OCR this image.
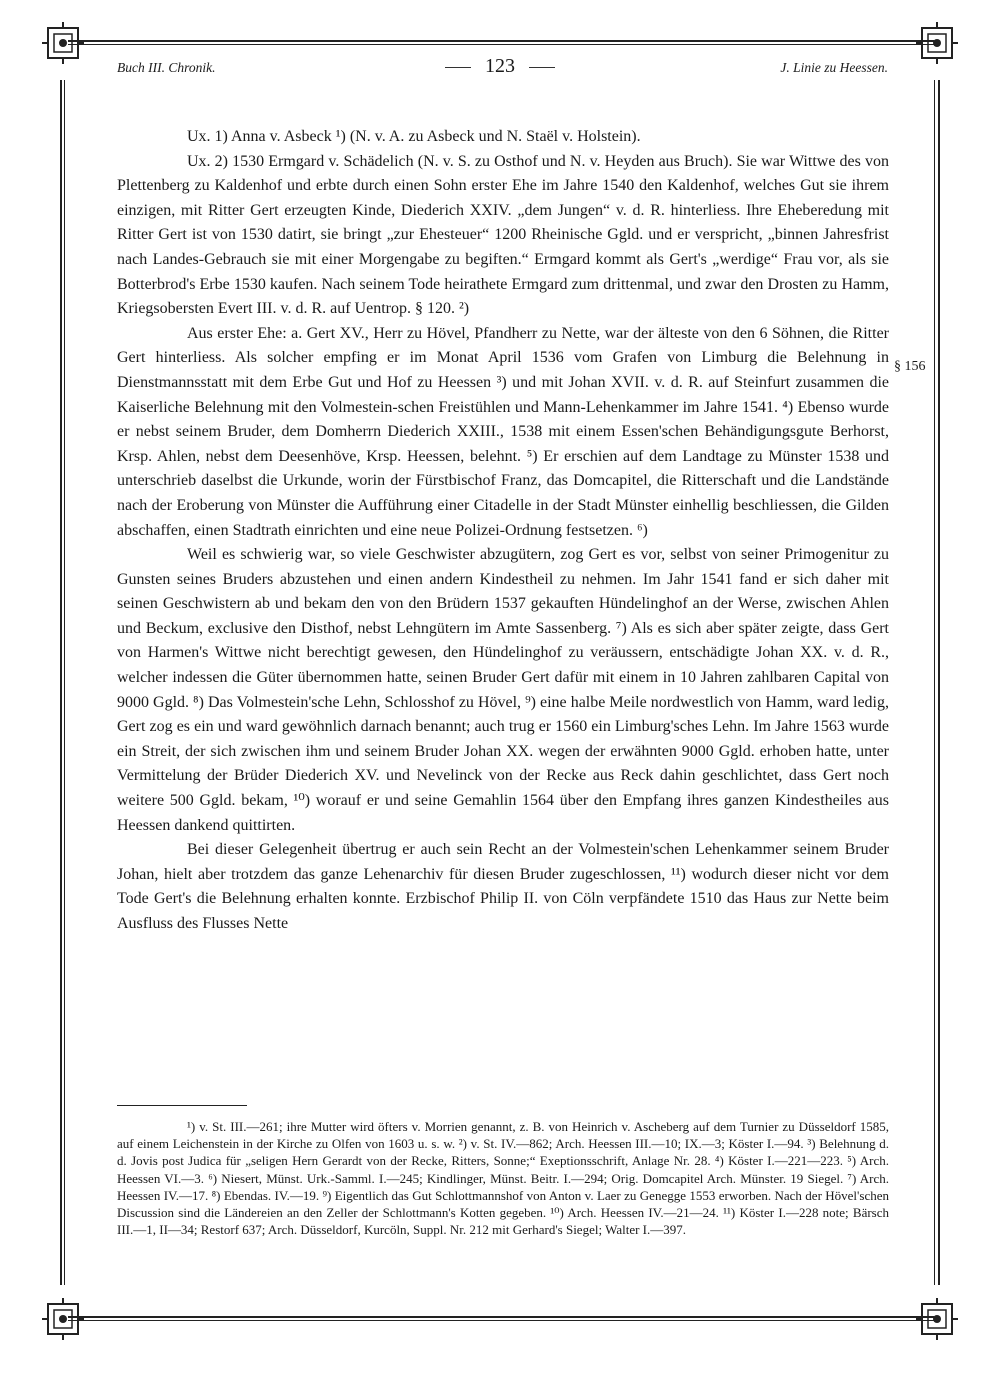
Buch III. Chronik.	123	J. Linie zu Heessen.
§ 156

Ux. 1) Anna v. Asbeck ¹) (N. v. A. zu Asbeck und N. Staël v. Holstein).

Ux. 2) 1530 Ermgard v. Schädelich (N. v. S. zu Osthof und N. v. Heyden aus Bruch). Sie war Wittwe des von Plettenberg zu Kaldenhof und erbte durch einen Sohn erster Ehe im Jahre 1540 den Kaldenhof, welches Gut sie ihrem einzigen, mit Ritter Gert erzeugten Kinde, Diederich XXIV. „dem Jungen“ v. d. R. hinterliess. Ihre Eheberedung mit Ritter Gert ist von 1530 datirt, sie bringt „zur Ehesteuer“ 1200 Rheinische Ggld. und er verspricht, „binnen Jahresfrist nach Landes-Gebrauch sie mit einer Morgengabe zu begiften.“ Ermgard kommt als Gert's „werdige“ Frau vor, als sie Botterbrod's Erbe 1530 kaufen. Nach seinem Tode heirathete Ermgard zum drittenmal, und zwar den Drosten zu Hamm, Kriegsobersten Evert III. v. d. R. auf Uentrop. § 120. ²)

Aus erster Ehe: a. Gert XV., Herr zu Hövel, Pfandherr zu Nette, war der älteste von den 6 Söhnen, die Ritter Gert hinterliess. Als solcher empfing er im Monat April 1536 vom Grafen von Limburg die Belehnung in Dienstmannsstatt mit dem Erbe Gut und Hof zu Heessen ³) und mit Johan XVII. v. d. R. auf Steinfurt zusammen die Kaiserliche Belehnung mit den Volmestein-schen Freistühlen und Mann-Lehenkammer im Jahre 1541. ⁴) Ebenso wurde er nebst seinem Bruder, dem Domherrn Diederich XXIII., 1538 mit einem Essen'schen Behändigungsgute Berhorst, Krsp. Ahlen, nebst dem Deesenhöve, Krsp. Heessen, belehnt. ⁵) Er erschien auf dem Landtage zu Münster 1538 und unterschrieb daselbst die Urkunde, worin der Fürstbischof Franz, das Domcapitel, die Ritterschaft und die Landstände nach der Eroberung von Münster die Aufführung einer Citadelle in der Stadt Münster einhellig beschliessen, die Gilden abschaffen, einen Stadtrath einrichten und eine neue Polizei-Ordnung festsetzen. ⁶)

Weil es schwierig war, so viele Geschwister abzugütern, zog Gert es vor, selbst von seiner Primogenitur zu Gunsten seines Bruders abzustehen und einen andern Kindestheil zu nehmen. Im Jahr 1541 fand er sich daher mit seinen Geschwistern ab und bekam den von den Brüdern 1537 gekauften Hündelinghof an der Werse, zwischen Ahlen und Beckum, exclusive den Disthof, nebst Lehngütern im Amte Sassenberg. ⁷) Als es sich aber später zeigte, dass Gert von Harmen's Wittwe nicht berechtigt gewesen, den Hündelinghof zu veräussern, entschädigte Johan XX. v. d. R., welcher indessen die Güter übernommen hatte, seinen Bruder Gert dafür mit einem in 10 Jahren zahlbaren Capital von 9000 Ggld. ⁸) Das Volmestein'sche Lehn, Schlosshof zu Hövel, ⁹) eine halbe Meile nordwestlich von Hamm, ward ledig, Gert zog es ein und ward gewöhnlich darnach benannt; auch trug er 1560 ein Limburg'sches Lehn. Im Jahre 1563 wurde ein Streit, der sich zwischen ihm und seinem Bruder Johan XX. wegen der erwähnten 9000 Ggld. erhoben hatte, unter Vermittelung der Brüder Diederich XV. und Nevelinck von der Recke aus Reck dahin geschlichtet, dass Gert noch weitere 500 Ggld. bekam, ¹⁰) worauf er und seine Gemahlin 1564 über den Empfang ihres ganzen Kindestheiles aus Heessen dankend quittirten.

Bei dieser Gelegenheit übertrug er auch sein Recht an der Volmestein'schen Lehenkammer seinem Bruder Johan, hielt aber trotzdem das ganze Lehenarchiv für diesen Bruder zugeschlossen, ¹¹) wodurch dieser nicht vor dem Tode Gert's die Belehnung erhalten konnte. Erzbischof Philip II. von Cöln verpfändete 1510 das Haus zur Nette beim Ausfluss des Flusses Nette

¹) v. St. III.—261; ihre Mutter wird öfters v. Morrien genannt, z. B. von Heinrich v. Ascheberg auf dem Turnier zu Düsseldorf 1585, auf einem Leichenstein in der Kirche zu Olfen von 1603 u. s. w. ²) v. St. IV.—862; Arch. Heessen III.—10; IX.—3; Köster I.—94. ³) Belehnung d. d. Jovis post Judica für „seligen Hern Gerardt von der Recke, Ritters, Sonne;“ Exeptionsschrift, Anlage Nr. 28. ⁴) Köster I.—221—223. ⁵) Arch. Heessen VI.—3. ⁶) Niesert, Münst. Urk.-Samml. I.—245; Kindlinger, Münst. Beitr. I.—294; Orig. Domcapitel Arch. Münster. 19 Siegel. ⁷) Arch. Heessen IV.—17. ⁸) Ebendas. IV.—19. ⁹) Eigentlich das Gut Schlottmannshof von Anton v. Laer zu Genegge 1553 erworben. Nach der Hövel'schen Discussion sind die Ländereien an den Zeller der Schlottmann's Kotten gegeben. ¹⁰) Arch. Heessen IV.—21—24. ¹¹) Köster I.—228 note; Bärsch III.—1, II—34; Restorf 637; Arch. Düsseldorf, Kurcöln, Suppl. Nr. 212 mit Gerhard's Siegel; Walter I.—397.
